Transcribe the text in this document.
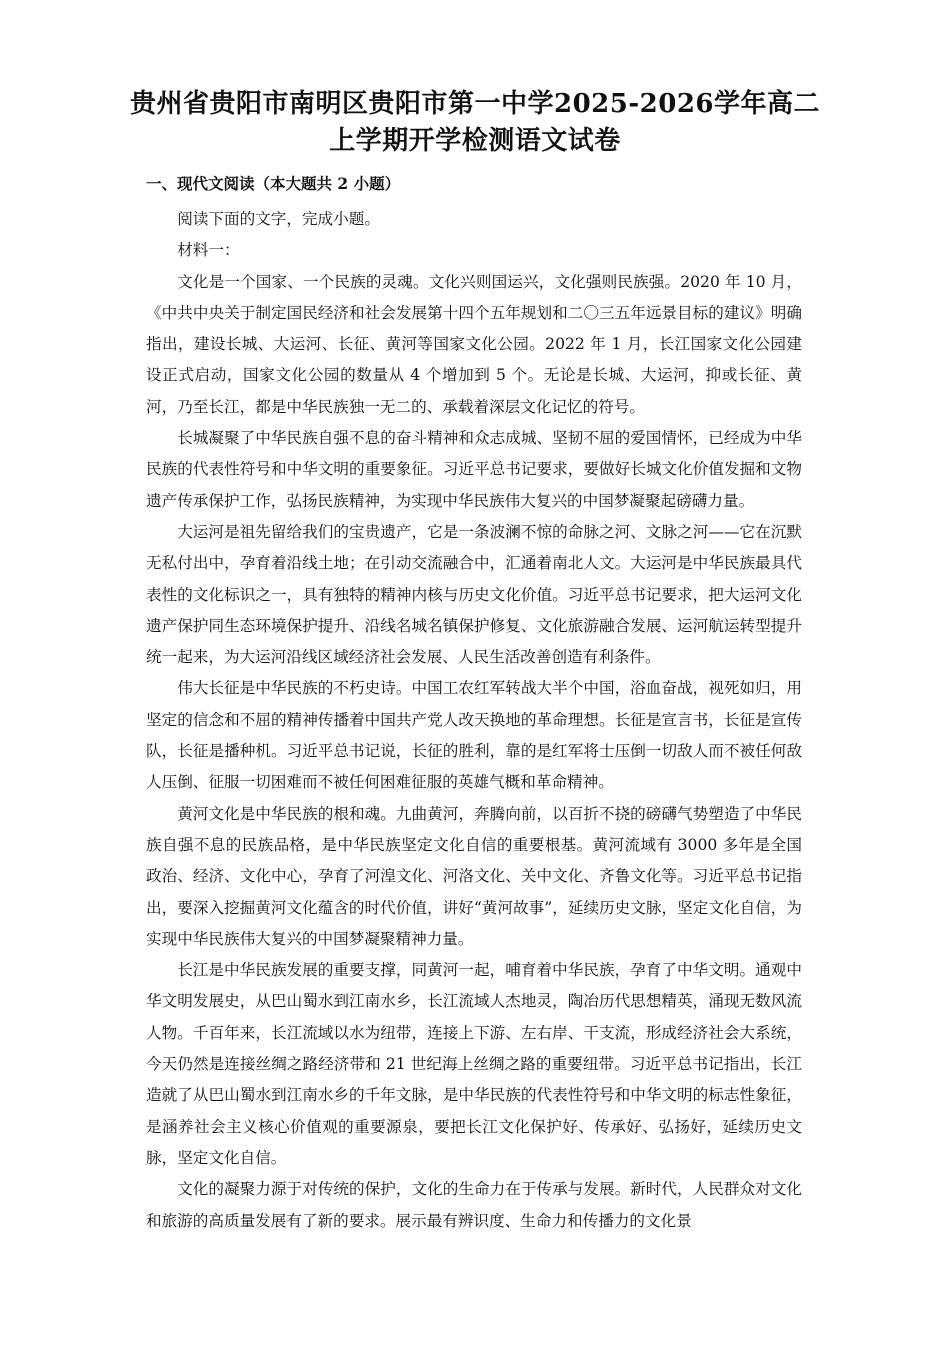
贵州省贵阳市南明区贵阳市第一中学2025-2026学年高二
上学期开学检测语文试卷
一、现代文阅读（本大题共 2 小题）

阅读下面的文字，完成小题。

材料一：

文化是一个国家、一个民族的灵魂。文化兴则国运兴，文化强则民族强。2020 年 10 月，《中共中央关于制定国民经济和社会发展第十四个五年规划和二〇三五年远景目标的建议》明确指出，建设长城、大运河、长征、黄河等国家文化公园。2022 年 1 月，长江国家文化公园建设正式启动，国家文化公园的数量从 4 个增加到 5 个。无论是长城、大运河，抑或长征、黄河，乃至长江，都是中华民族独一无二的、承载着深层文化记忆的符号。

长城凝聚了中华民族自强不息的奋斗精神和众志成城、坚韧不屈的爱国情怀，已经成为中华民族的代表性符号和中华文明的重要象征。习近平总书记要求，要做好长城文化价值发掘和文物遗产传承保护工作，弘扬民族精神，为实现中华民族伟大复兴的中国梦凝聚起磅礴力量。

大运河是祖先留给我们的宝贵遗产，它是一条波澜不惊的命脉之河、文脉之河——它在沉默无私付出中，孕育着沿线土地；在引动交流融合中，汇通着南北人文。大运河是中华民族最具代表性的文化标识之一，具有独特的精神内核与历史文化价值。习近平总书记要求，把大运河文化遗产保护同生态环境保护提升、沿线名城名镇保护修复、文化旅游融合发展、运河航运转型提升统一起来，为大运河沿线区域经济社会发展、人民生活改善创造有利条件。

伟大长征是中华民族的不朽史诗。中国工农红军转战大半个中国，浴血奋战，视死如归，用坚定的信念和不屈的精神传播着中国共产党人改天换地的革命理想。长征是宣言书，长征是宣传队，长征是播种机。习近平总书记说，长征的胜利，靠的是红军将士压倒一切敌人而不被任何敌人压倒、征服一切困难而不被任何困难征服的英雄气概和革命精神。

黄河文化是中华民族的根和魂。九曲黄河，奔腾向前，以百折不挠的磅礴气势塑造了中华民族自强不息的民族品格，是中华民族坚定文化自信的重要根基。黄河流域有 3000 多年是全国政治、经济、文化中心，孕育了河湟文化、河洛文化、关中文化、齐鲁文化等。习近平总书记指出，要深入挖掘黄河文化蕴含的时代价值，讲好“黄河故事”，延续历史文脉，坚定文化自信，为实现中华民族伟大复兴的中国梦凝聚精神力量。

长江是中华民族发展的重要支撑，同黄河一起，哺育着中华民族，孕育了中华文明。通观中华文明发展史，从巴山蜀水到江南水乡，长江流域人杰地灵，陶冶历代思想精英，涌现无数风流人物。千百年来，长江流域以水为纽带，连接上下游、左右岸、干支流，形成经济社会大系统，今天仍然是连接丝绸之路经济带和 21 世纪海上丝绸之路的重要纽带。习近平总书记指出，长江造就了从巴山蜀水到江南水乡的千年文脉，是中华民族的代表性符号和中华文明的标志性象征，是涵养社会主义核心价值观的重要源泉，要把长江文化保护好、传承好、弘扬好，延续历史文脉，坚定文化自信。

文化的凝聚力源于对传统的保护，文化的生命力在于传承与发展。新时代，人民群众对文化和旅游的高质量发展有了新的要求。展示最有辨识度、生命力和传播力的文化景
